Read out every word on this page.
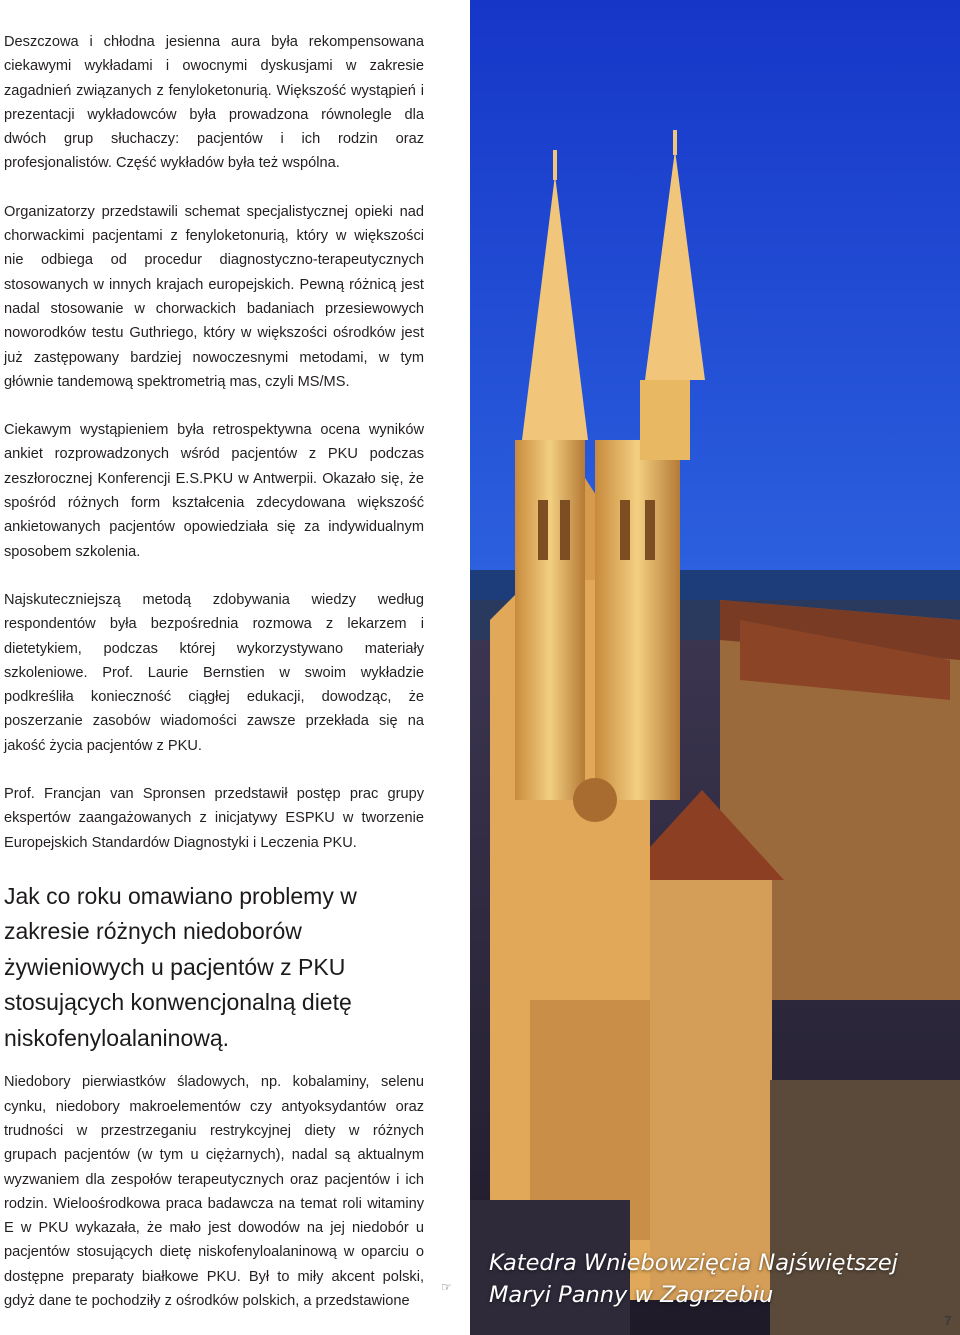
Deszczowa i chłodna jesienna aura była rekompensowana ciekawymi wykładami i owocnymi dyskusjami w zakresie zagadnień związanych z fenyloketonurią. Większość wystąpień i prezentacji wykładowców była prowadzona równolegle dla dwóch grup słuchaczy: pacjentów i ich rodzin oraz profesjonalistów. Część wykładów była też wspólna.

Organizatorzy przedstawili schemat specjalistycznej opieki nad chorwackimi pacjentami z fenyloketonurią, który w większości nie odbiega od procedur diagnostyczno-terapeutycznych stosowanych w innych krajach europejskich. Pewną różnicą jest nadal stosowanie w chorwackich badaniach przesiewowych noworodków testu Guthriego, który w większości ośrodków jest już zastępowany bardziej nowoczesnymi metodami, w tym głównie tandemową spektrometrią mas, czyli MS/MS.

Ciekawym wystąpieniem była retrospektywna ocena wyników ankiet rozprowadzonych wśród pacjentów z PKU podczas zeszłorocznej Konferencji E.S.PKU w Antwerpii. Okazało się, że spośród różnych form kształcenia zdecydowana większość ankietowanych pacjentów opowiedziała się za indywidualnym sposobem szkolenia.

Najskuteczniejszą metodą zdobywania wiedzy według respondentów była bezpośrednia rozmowa z lekarzem i dietetykiem, podczas której wykorzystywano materiały szkoleniowe. Prof. Laurie Bernstien w swoim wykładzie podkreśliła konieczność ciągłej edukacji, dowodząc, że poszerzanie zasobów wiadomości zawsze przekłada się na jakość życia pacjentów z PKU.

Prof. Francjan van Spronsen przedstawił postęp prac grupy ekspertów zaangażowanych z inicjatywy ESPKU w tworzenie Europejskich Standardów Diagnostyki i Leczenia PKU.

Jak co roku omawiano problemy w zakresie różnych niedoborów żywieniowych u pacjentów z PKU stosujących konwencjonalną dietę niskofenyloalaninową.

Niedobory pierwiastków śladowych, np. kobalaminy, selenu cynku, niedobory makroelementów czy antyoksydantów oraz trudności w przestrzeganiu restrykcyjnej diety w różnych grupach pacjentów (w tym u ciężarnych), nadal są aktualnym wyzwaniem dla zespołów terapeutycznych oraz pacjentów i ich rodzin. Wieloośrodkowa praca badawcza na temat roli witaminy E w PKU wykazała, że mało jest dowodów na jej niedobór u pacjentów stosujących dietę niskofenyloalaninową w oparciu o dostępne preparaty białkowe PKU. Był to miły akcent polski, gdyż dane te pochodziły z ośrodków polskich, a przedstawione

☞
Katedra Wniebowzięcia Najświętszej
Maryi Panny w Zagrzebiu
7
